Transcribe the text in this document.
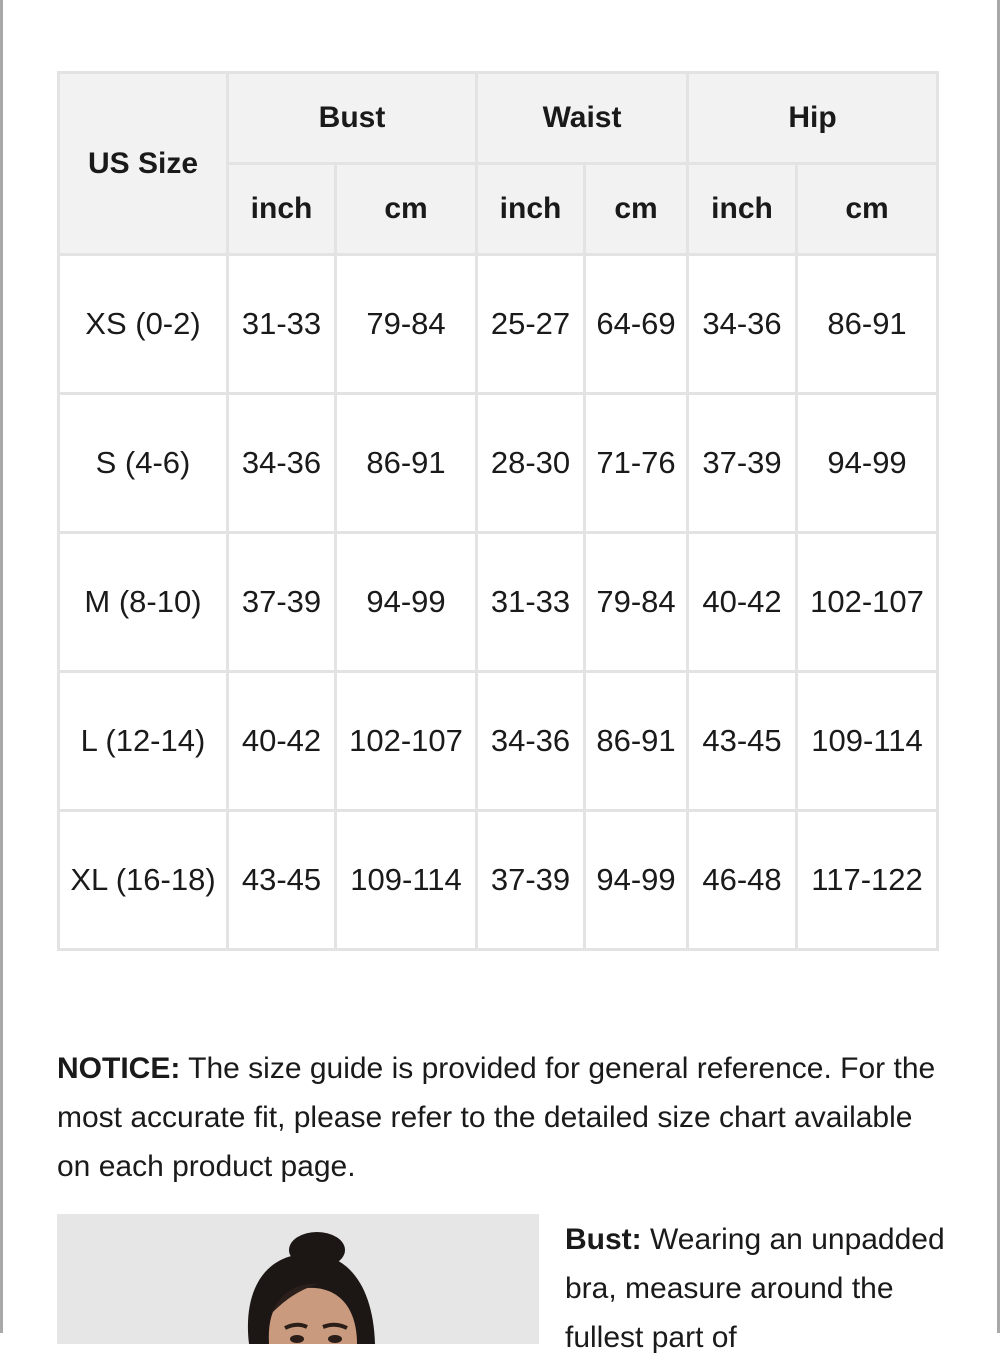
US Size	Bust		Waist		Hip	
	inch	cm	inch	cm	inch	cm
XS (0-2)	31-33	79-84	25-27	64-69	34-36	86-91
S (4-6)	34-36	86-91	28-30	71-76	37-39	94-99
M (8-10)	37-39	94-99	31-33	79-84	40-42	102-107
L (12-14)	40-42	102-107	34-36	86-91	43-45	109-114
XL (16-18)	43-45	109-114	37-39	94-99	46-48	117-122

NOTICE: The size guide is provided for general reference. For the most accurate fit, please refer to the detailed size chart available on each product page.

Bust: Wearing an unpadded bra, measure around the fullest part of
